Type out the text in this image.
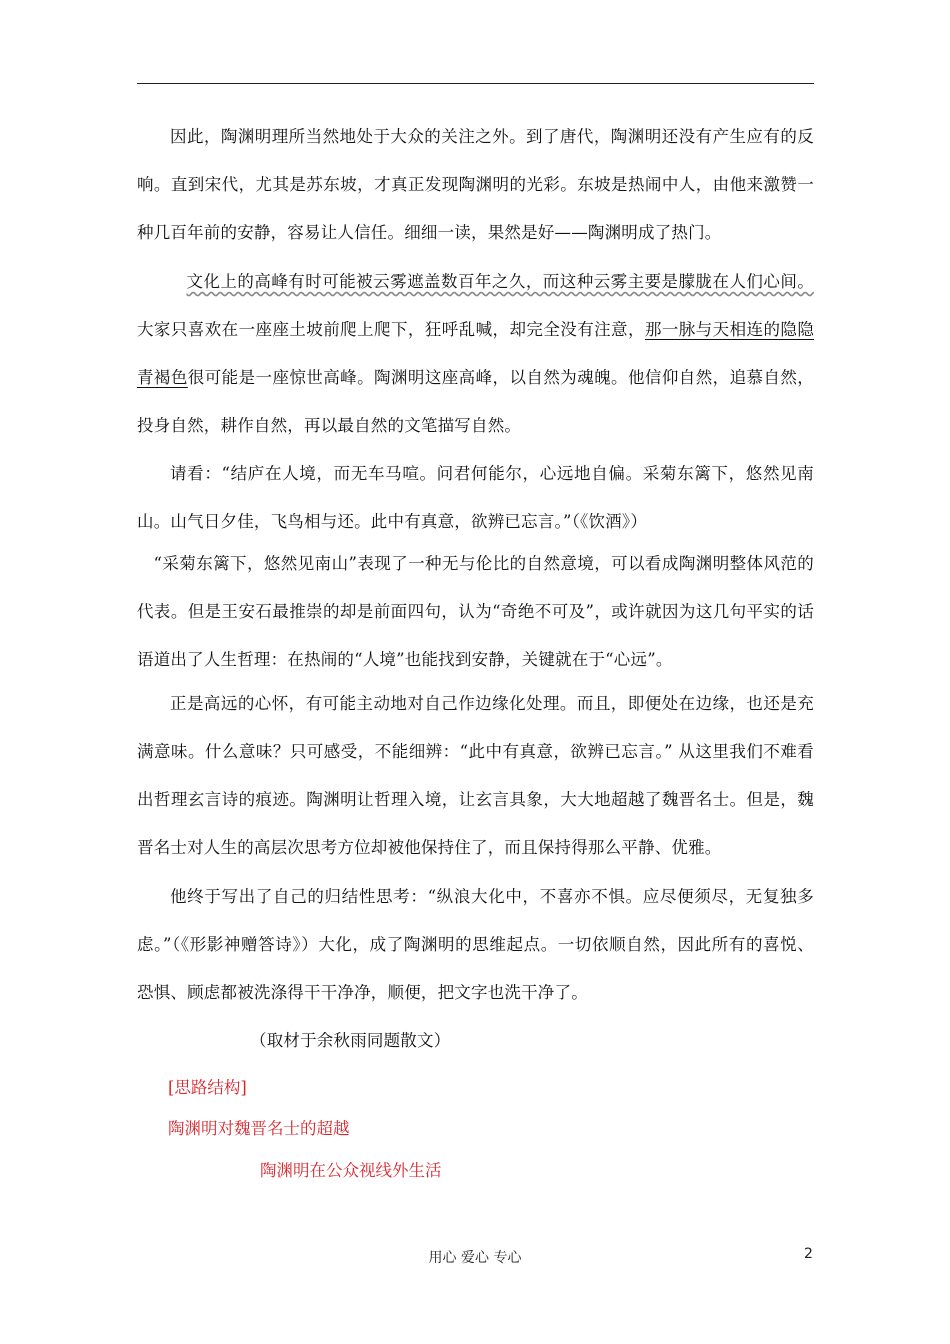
因此，陶渊明理所当然地处于大众的关注之外。到了唐代，陶渊明还没有产生应有的反响。直到宋代，尤其是苏东坡，才真正发现陶渊明的光彩。东坡是热闹中人，由他来激赞一种几百年前的安静，容易让人信任。细细一读，果然是好——陶渊明成了热门。

文化上的高峰有时可能被云雾遮盖数百年之久，而这种云雾主要是朦胧在人们心间。大家只喜欢在一座座土坡前爬上爬下，狂呼乱喊，却完全没有注意，那一脉与天相连的隐隐青褐色很可能是一座惊世高峰。陶渊明这座高峰，以自然为魂魄。他信仰自然，追慕自然，投身自然，耕作自然，再以最自然的文笔描写自然。

请看：“结庐在人境，而无车马喧。问君何能尔，心远地自偏。采菊东篱下，悠然见南山。山气日夕佳，飞鸟相与还。此中有真意，欲辨已忘言。”（《饮酒》）

“采菊东篱下，悠然见南山”表现了一种无与伦比的自然意境，可以看成陶渊明整体风范的代表。但是王安石最推崇的却是前面四句，认为“奇绝不可及”，或许就因为这几句平实的话语道出了人生哲理：在热闹的“人境”也能找到安静，关键就在于“心远”。

正是高远的心怀，有可能主动地对自己作边缘化处理。而且，即便处在边缘，也还是充满意味。什么意味？只可感受，不能细辨：“此中有真意，欲辨已忘言。” 从这里我们不难看出哲理玄言诗的痕迹。陶渊明让哲理入境，让玄言具象，大大地超越了魏晋名士。但是，魏晋名士对人生的高层次思考方位却被他保持住了，而且保持得那么平静、优雅。

他终于写出了自己的归结性思考：“纵浪大化中，不喜亦不惧。应尽便须尽，无复独多虑。”（《形影神赠答诗》）大化，成了陶渊明的思维起点。一切依顺自然，因此所有的喜悦、恐惧、顾虑都被洗涤得干干净净，顺便，把文字也洗干净了。

（取材于余秋雨同题散文）

[思路结构]

陶渊明对魏晋名士的超越

陶渊明在公众视线外生活

用心 爱心 专心	2
